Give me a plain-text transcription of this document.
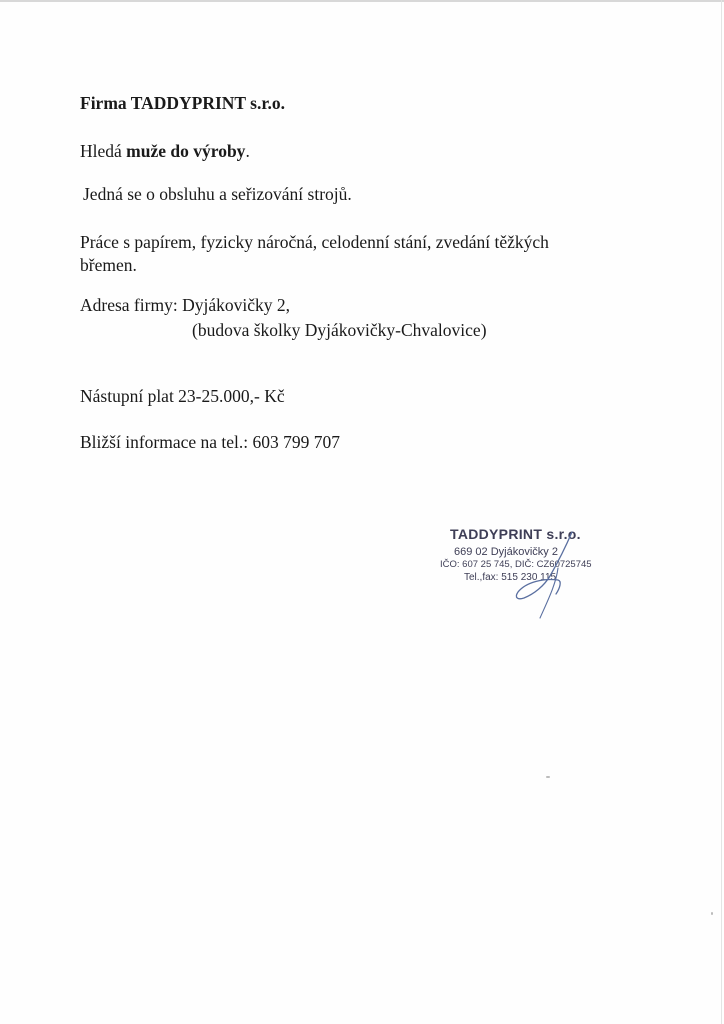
Firma TADDYPRINT s.r.o.
Hledá muže do výroby.
Jedná se o obsluhu a seřizování strojů.
Práce s papírem, fyzicky náročná, celodenní stání, zvedání těžkých
břemen.
Adresa firmy: Dyjákovičky 2,
(budova školky Dyjákovičky-Chvalovice)
Nástupní plat 23-25.000,- Kč
Bližší informace na tel.: 603 799 707
TADDYPRINT s.r.o.
669 02 Dyjákovičky 2
IČO: 607 25 745, DIČ: CZ60725745
Tel.,fax: 515 230 115
